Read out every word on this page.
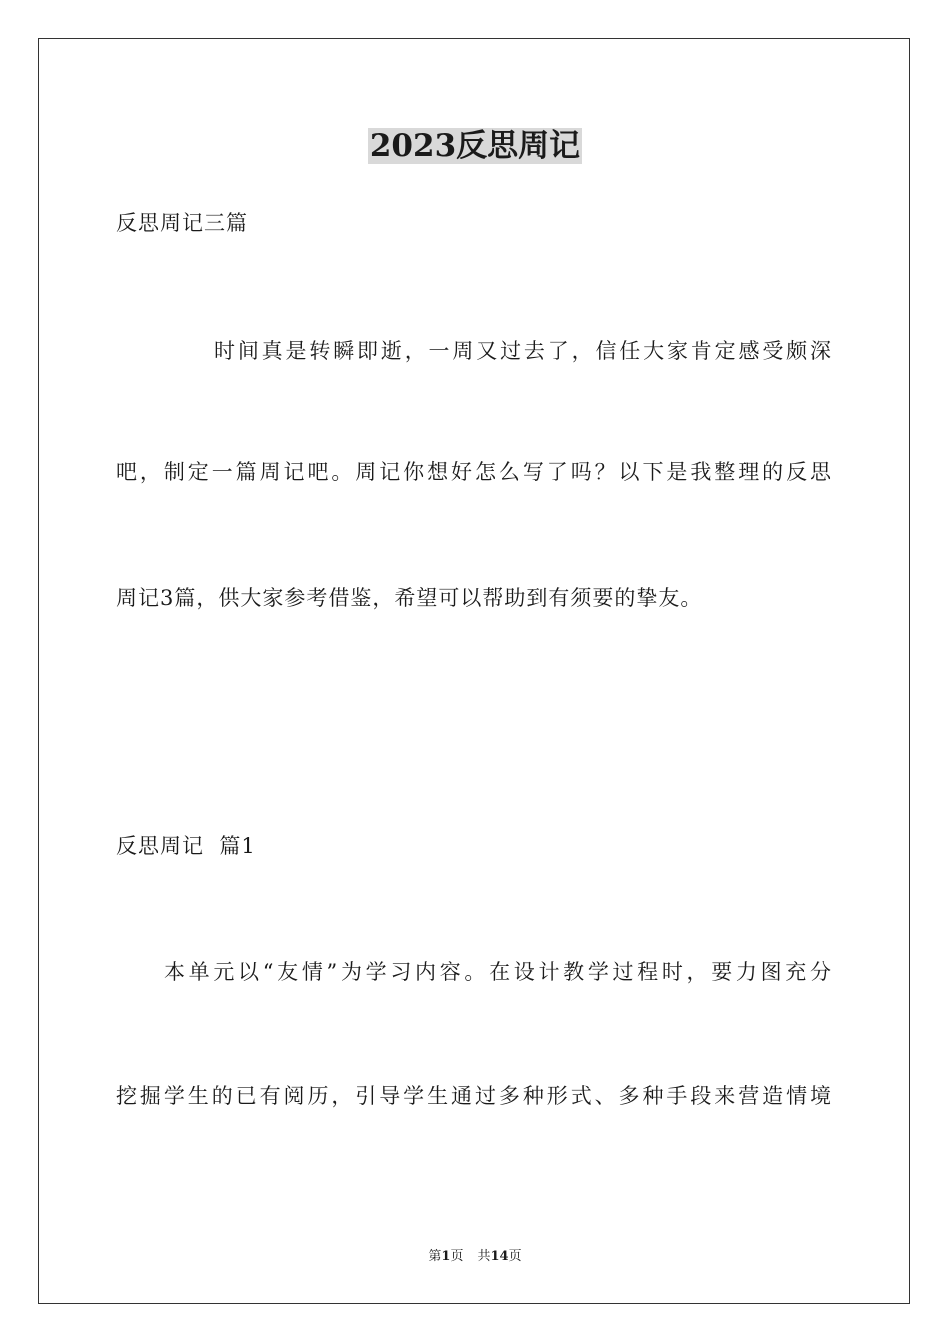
2023反思周记
反思周记三篇
时间真是转瞬即逝，一周又过去了，信任大家肯定感受颇深
吧，制定一篇周记吧。周记你想好怎么写了吗？以下是我整理的反思
周记3篇，供大家参考借鉴，希望可以帮助到有须要的挚友。
反思周记  篇1
本单元以“友情”为学习内容。在设计教学过程时，要力图充分
挖掘学生的已有阅历，引导学生通过多种形式、多种手段来营造情境
第1页 共14页
